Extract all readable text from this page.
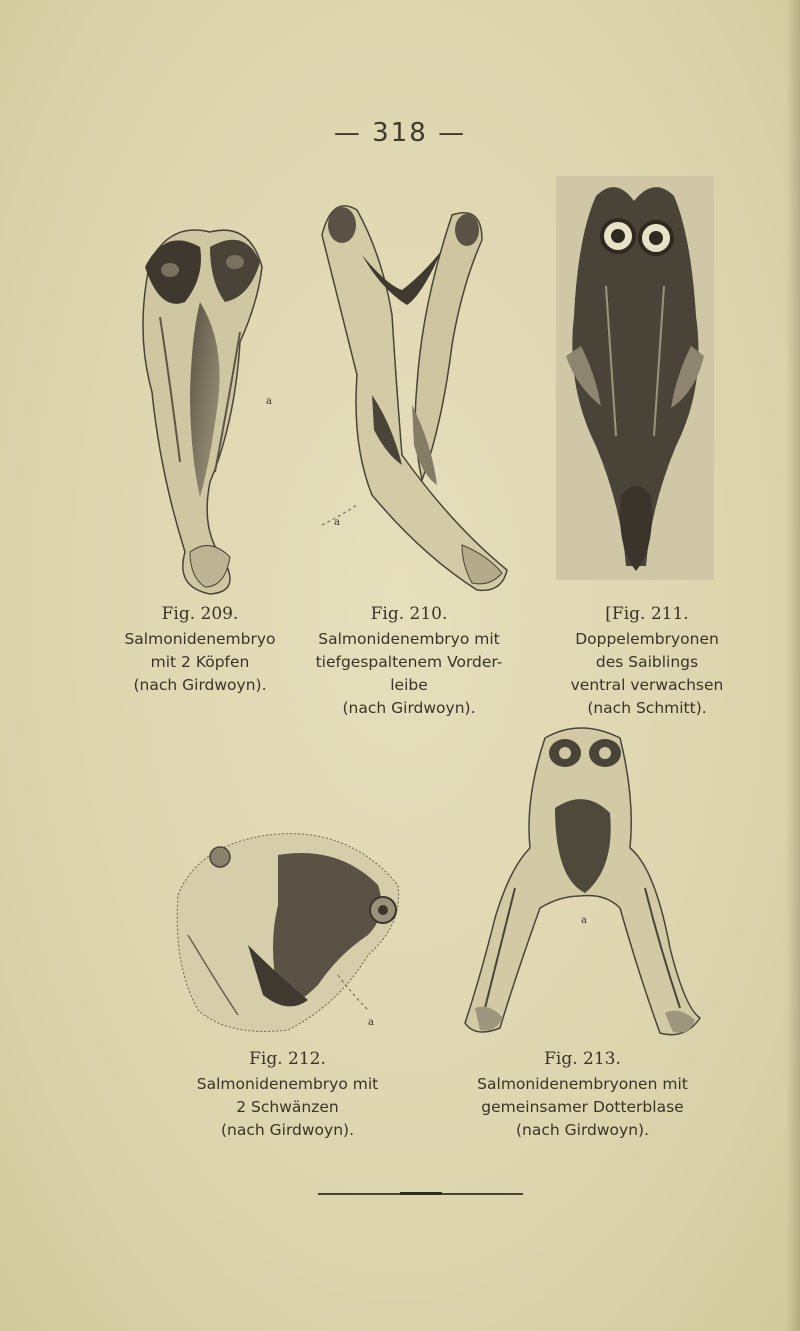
— 318 —
a
a
Fig. 209.
Salmonidenembryo
mit 2 Köpfen
(nach Girdwoyn).
Fig. 210.
Salmonidenembryo mit
tiefgespaltenem Vorder-
leibe
(nach Girdwoyn).
[Fig. 211.
Doppelembryonen
des Saiblings
ventral verwachsen
(nach Schmitt).
a
a
Fig. 212.
Salmonidenembryo mit
2 Schwänzen
(nach Girdwoyn).
Fig. 213.
Salmonidenembryonen mit
gemeinsamer Dotterblase
(nach Girdwoyn).
